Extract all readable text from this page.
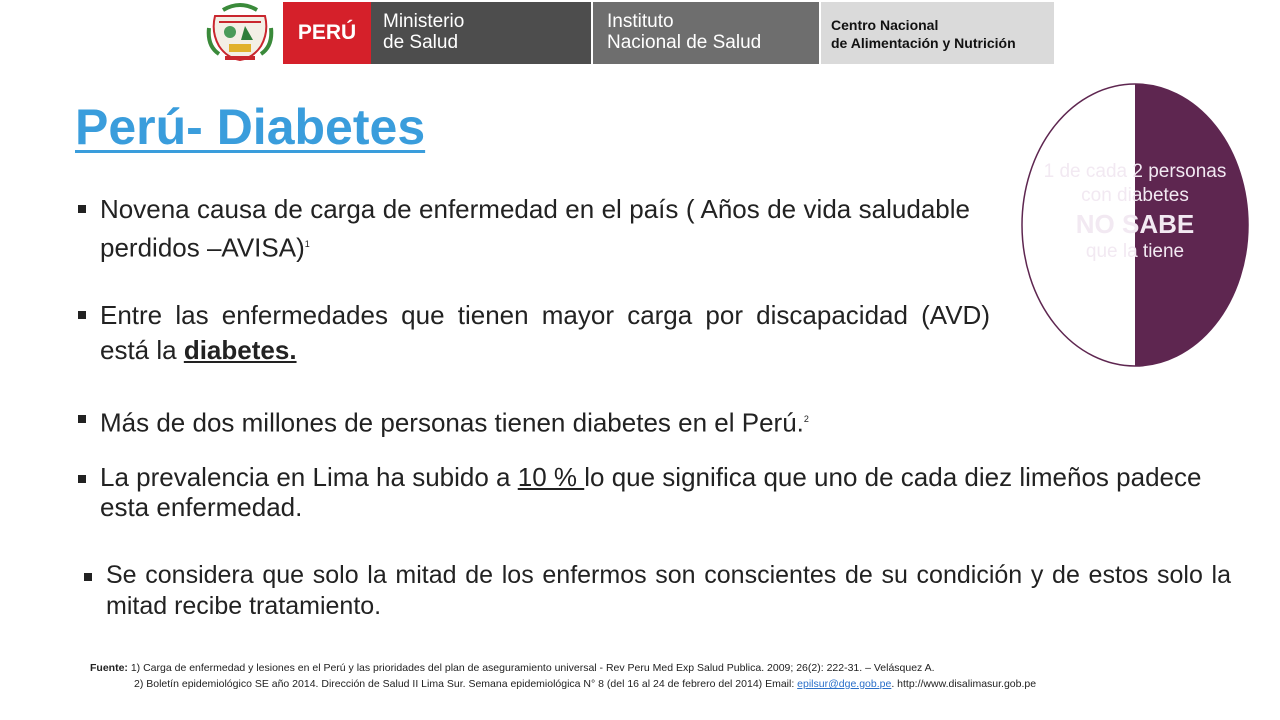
PERÚ	Ministerio
de Salud
Instituto
Nacional de Salud
Centro Nacional
de Alimentación y Nutrición
Perú- Diabetes
Novena causa de carga de enfermedad en el país ( Años de vida saludable perdidos –AVISA)$^1$
Entre las enfermedades que tienen mayor carga por discapacidad (AVD) está la diabetes.
Más de dos millones de personas tienen diabetes en el Perú.$^2$
La prevalencia en Lima ha subido a 10 % lo que significa que uno de cada diez limeños padece esta enfermedad.
Se considera que solo la mitad de los enfermos son conscientes de su condición y de estos solo la mitad recibe tratamiento.
1 de cada 2 personas
con diabetes
NO SABE
que la tiene
Fuente: 1) Carga de enfermedad y lesiones en el Perú y las prioridades del plan de aseguramiento universal - Rev Peru Med Exp Salud Publica. 2009; 26(2): 222-31. – Velásquez A.
2) Boletín epidemiológico SE año 2014. Dirección de Salud II Lima Sur. Semana epidemiológica N° 8 (del 16 al 24 de febrero del 2014) Email: epilsur@dge.gob.pe. http://www.disalimasur.gob.pe
